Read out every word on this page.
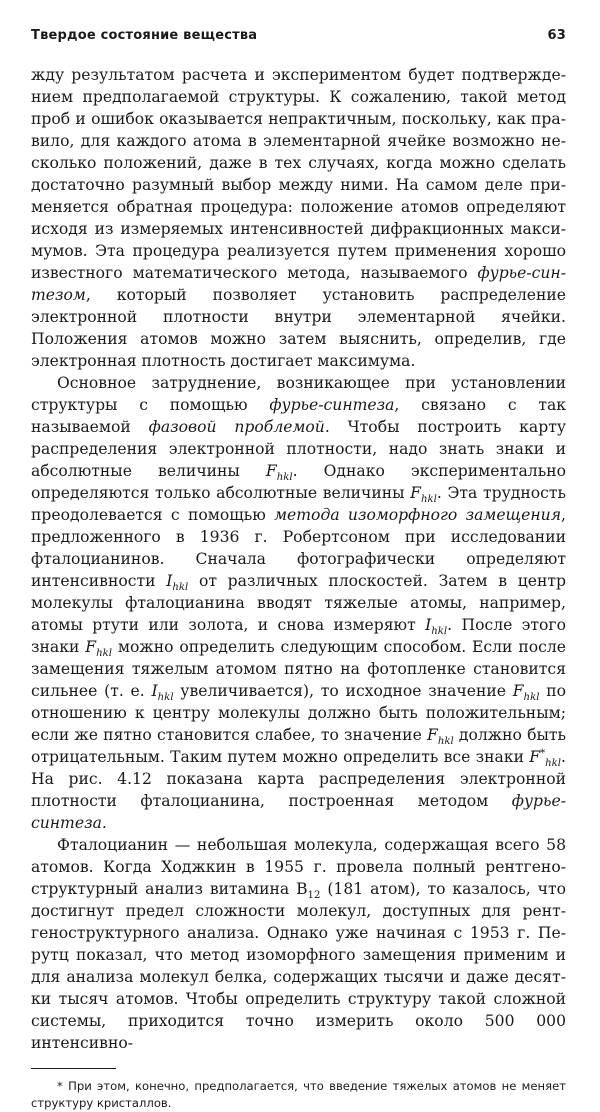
Твердое состояние вещества	63

жду результатом расчета и экспериментом будет подтверждением предполагаемой структуры. К сожалению, такой метод проб и ошибок оказывается непрактичным, поскольку, как правило, для каждого атома в элементарной ячейке возможно несколько положений, даже в тех случаях, когда можно сделать достаточно разумный выбор между ними. На самом деле применяется обратная процедура: положение атомов определяют исходя из измеряемых интенсивностей дифракционных максимумов. Эта процедура реализуется путем применения хорошо известного математического метода, называемого фурье-синтезом, который позволяет установить распределение электронной плотности внутри элементарной ячейки. Положения атомов можно затем выяснить, определив, где электронная плотность достигает максимума.

Основное затруднение, возникающее при установлении структуры с помощью фурье-синтеза, связано с так называемой фазовой проблемой. Чтобы построить карту распределения электронной плотности, надо знать знаки и абсолютные величины $F_{hkl}$. Однако экспериментально определяются только абсолютные величины $F_{hkl}$. Эта трудность преодолевается с помощью метода изоморфного замещения, предложенного в 1936 г. Робертсоном при исследовании фталоцианинов. Сначала фотографически определяют интенсивности $I_{hkl}$ от различных плоскостей. Затем в центр молекулы фталоцианина вводят тяжелые атомы, например, атомы ртути или золота, и снова измеряют $I_{hkl}$. После этого знаки $F_{hkl}$ можно определить следующим способом. Если после замещения тяжелым атомом пятно на фотопленке становится сильнее (т. е. $I_{hkl}$ увеличивается), то исходное значение $F_{hkl}$ по отношению к центру молекулы должно быть положительным; если же пятно становится слабее, то значение $F_{hkl}$ должно быть отрицательным. Таким путем можно определить все знаки $F^*_{hkl}$. На рис. 4.12 показана карта распределения электронной плотности фталоцианина, построенная методом фурье-синтеза.

Фталоцианин — небольшая молекула, содержащая всего 58 атомов. Когда Ходжкин в 1955 г. провела полный рентгеноструктурный анализ витамина $B_{12}$ (181 атом), то казалось, что достигнут предел сложности молекул, доступных для рентгеноструктурного анализа. Однако уже начиная с 1953 г. Перутц показал, что метод изоморфного замещения применим и для анализа молекул белка, содержащих тысячи и даже десятки тысяч атомов. Чтобы определить структуру такой сложной системы, приходится точно измерить около 500 000 интенсивно-

* При этом, конечно, предполагается, что введение тяжелых атомов не меняет структуру кристаллов.
